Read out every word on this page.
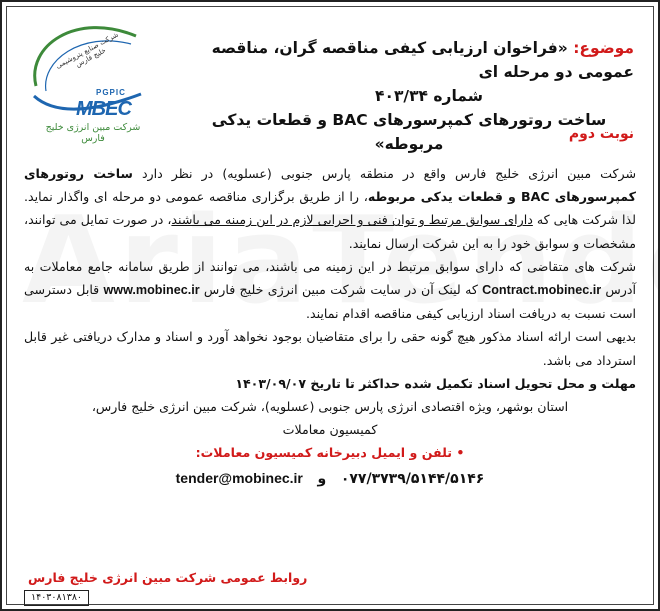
شرکت صنایع پتروشیمی خلیج فارس
PGPIC
MBEC
شرکت مبین انرژی خلیج فارس
موضوع: «فراخوان ارزیابی کیفی مناقصه گران، مناقصه عمومی دو مرحله ای
شماره ۴۰۳/۳۴
ساخت روتورهای کمپرسورهای BAC و قطعات یدکی مربوطه»
نوبت دوم

شرکت مبین انرژی خلیج فارس واقع در منطقه پارس جنوبی (عسلویه) در نظر دارد ساخت روتورهای کمپرسورهای BAC و قطعات یدکی مربوطه، را از طریق برگزاری مناقصه عمومی دو مرحله ای واگذار نماید. لذا شرکت هایی که دارای سوابق مرتبط و توان فنی و اجرایی لازم در این زمینه می باشند، در صورت تمایل می توانند، مشخصات و سوابق خود را به این شرکت ارسال نمایند.

شرکت های متقاضی که دارای سوابق مرتبط در این زمینه می باشند، می توانند از طریق سامانه جامع معاملات به آدرس Contract.mobinec.ir که لینک آن در سایت شرکت مبین انرژی خلیج فارس www.mobinec.ir قابل دسترسی است نسبت به دریافت اسناد ارزیابی کیفی مناقصه اقدام نمایند.

بدیهی است ارائه اسناد مذکور هیچ گونه حقی را برای متقاضیان بوجود نخواهد آورد و اسناد و مدارک دریافتی غیر قابل استرداد می باشد.

مهلت و محل تحویل اسناد تکمیل شده حداکثر تا تاریخ ۱۴۰۳/۰۹/۰۷

استان بوشهر، ویژه اقتصادی انرژی پارس جنوبی (عسلویه)، شرکت مبین انرژی خلیج فارس،

کمیسیون معاملات

• تلفن و ایمیل دبیرخانه کمیسیون معاملات:

۰۷۷/۳۷۳۹/۵۱۴۴/۵۱۴۶   و   tender@mobinec.ir
روابط عمومی شرکت مبین انرژی خلیج فارس
۱۴۰۳۰۸۱۳۸۰
